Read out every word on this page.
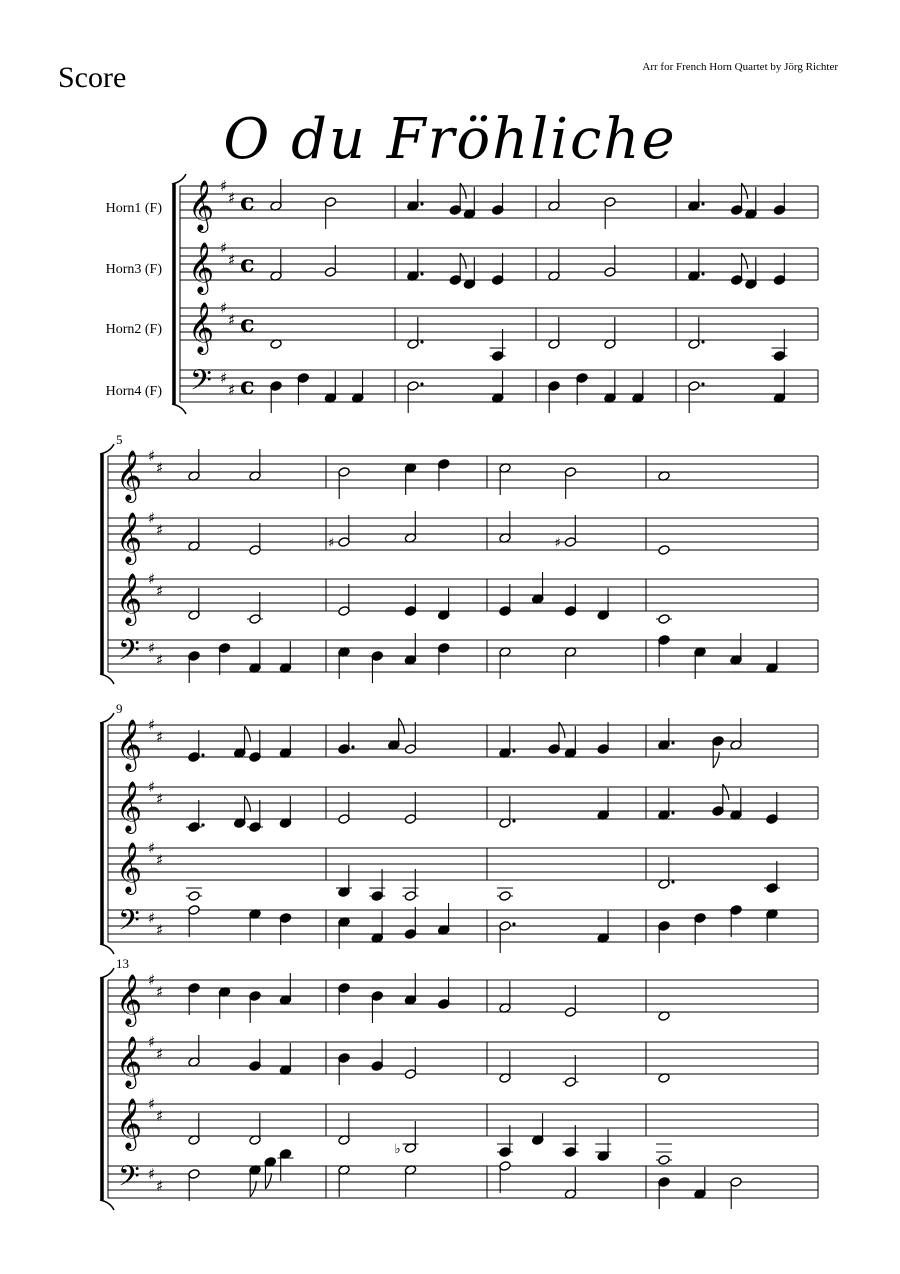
Score	Arr for French Horn Quartet by Jörg Richter
O du Fröhliche
Horn1 (F)
Horn3 (F)
Horn2 (F)
Horn4 (F)
5
9
13
𝄞 ♯
♯ c
𝄞 ♯
♯ c
𝄞 ♯
♯ c
𝄢 ♯
♯ c
𝄞 ♯
♯
𝄞 ♯
♯
♯	♯
𝄞 ♯
♯
𝄢 ♯
♯
𝄞 ♯
♯
𝄞 ♯
♯
𝄞 ♯
♯
𝄢 ♯
♯
𝄞 ♯
♯
𝄞 ♯
♯
𝄞 ♯
♯
♭
𝄢 ♯
♯
